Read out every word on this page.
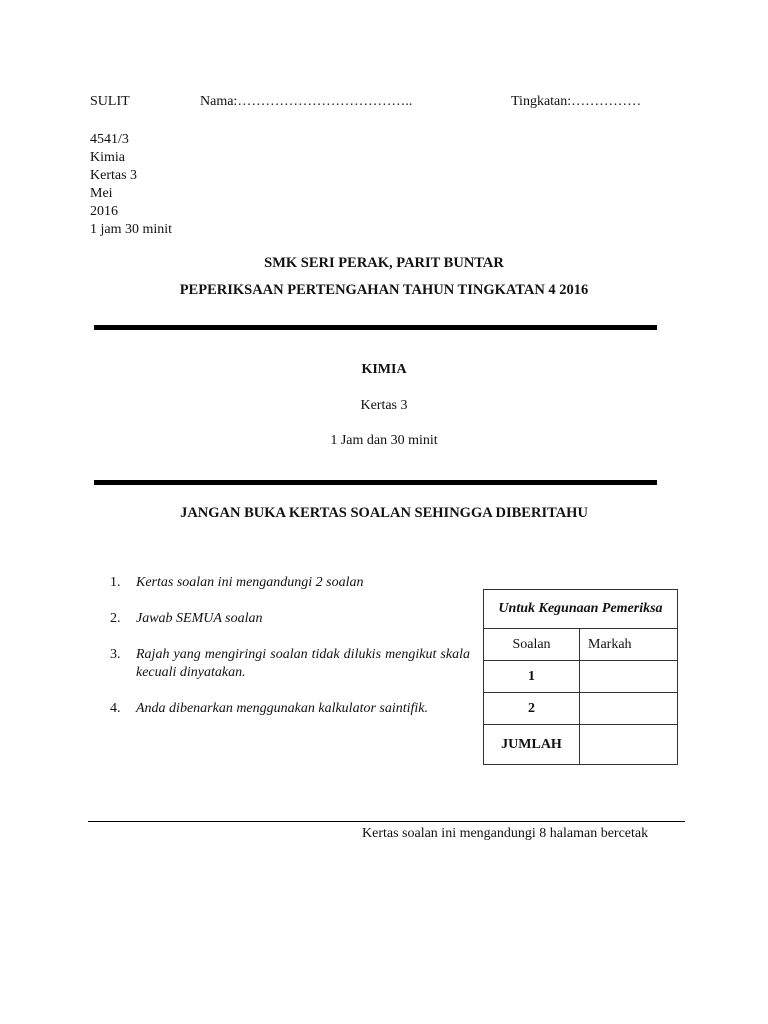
SULIT	Nama:………………………………..	Tingkatan:……………
4541/3
Kimia
Kertas 3
Mei
2016
1 jam 30 minit
SMK SERI PERAK, PARIT BUNTAR
PEPERIKSAAN PERTENGAHAN TAHUN TINGKATAN 4 2016
KIMIA
Kertas 3
1 Jam dan 30 minit
JANGAN BUKA KERTAS SOALAN SEHINGGA DIBERITAHU
1. Kertas soalan ini mengandungi 2 soalan
2. Jawab SEMUA soalan
3. Rajah yang mengiringi soalan tidak dilukis mengikut skala kecuali dinyatakan.
4. Anda dibenarkan menggunakan kalkulator saintifik.
Untuk Kegunaan Pemeriksa	
Soalan	Markah
1	
2	
JUMLAH	
Kertas soalan ini mengandungi 8 halaman bercetak
